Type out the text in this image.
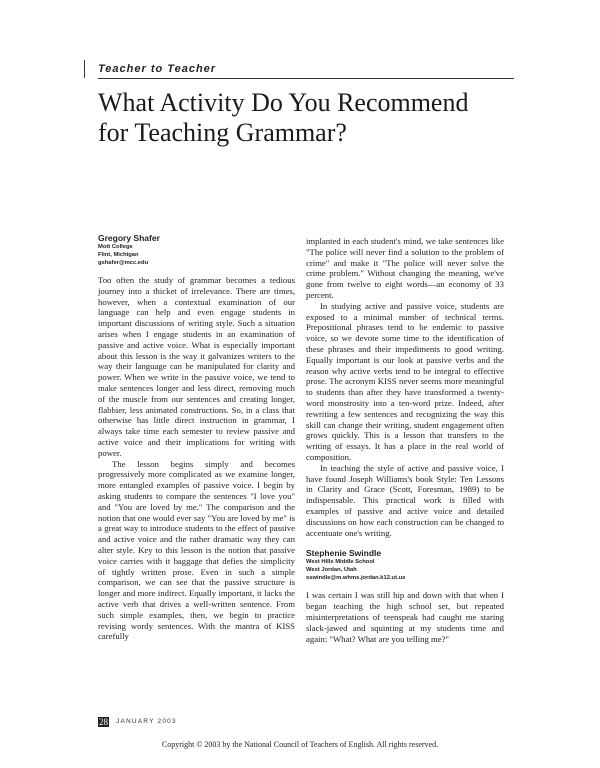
Teacher to Teacher
What Activity Do You Recommend
for Teaching Grammar?
Gregory Shafer
Mott College
Flint, Michigan
gshafer@mcc.edu

Too often the study of grammar becomes a tedious journey into a thicket of irrelevance. There are times, however, when a contextual examination of our language can help and even engage students in important discussions of writing style. Such a situation arises when I engage students in an examination of passive and active voice. What is especially important about this lesson is the way it galvanizes writers to the way their language can be manipulated for clarity and power. When we write in the passive voice, we tend to make sentences longer and less direct, removing much of the muscle from our sentences and creating longer, flabbier, less animated constructions. So, in a class that otherwise has little direct instruction in grammar, I always take time each semester to review passive and active voice and their implications for writing with power.

The lesson begins simply and becomes progressively more complicated as we examine longer, more entangled examples of passive voice. I begin by asking students to compare the sentences "I love you" and "You are loved by me." The comparison and the notion that one would ever say "You are loved by me" is a great way to introduce students to the effect of passive and active voice and the rather dramatic way they can alter style. Key to this lesson is the notion that passive voice carries with it baggage that defies the simplicity of tightly written prose. Even in such a simple comparison, we can see that the passive structure is longer and more indirect. Equally important, it lacks the active verb that drives a well-written sentence. From such simple examples, then, we begin to practice revising wordy sentences. With the mantra of KISS carefully

implanted in each student's mind, we take sentences like "The police will never find a solution to the problem of crime" and make it "The police will never solve the crime problem." Without changing the meaning, we've gone from twelve to eight words—an economy of 33 percent.

In studying active and passive voice, students are exposed to a minimal number of technical terms. Prepositional phrases tend to be endemic to passive voice, so we devote some time to the identification of these phrases and their impediments to good writing. Equally important is our look at passive verbs and the reason why active verbs tend to be integral to effective prose. The acronym KISS never seems more meaningful to students than after they have transformed a twenty-word monstrosity into a ten-word prize. Indeed, after rewriting a few sentences and recognizing the way this skill can change their writing, student engagement often grows quickly. This is a lesson that transfers to the writing of essays. It has a place in the real world of composition.

In teaching the style of active and passive voice, I have found Joseph Williams's book Style: Ten Lessons in Clarity and Grace (Scott, Foresman, 1989) to be indispensable. This practical work is filled with examples of passive and active voice and detailed discussions on how each construction can be changed to accentuate one's writing.

Stephenie Swindle
West Hills Middle School
West Jordan, Utah
sswindle@m.whms.jordan.k12.ut.us

I was certain I was still hip and down with that when I began teaching the high school set, but repeated misinterpretations of teenspeak had caught me staring slack-jawed and squinting at my students time and again: "What? What are you telling me?"

28 JANUARY 2003
Copyright © 2003 by the National Council of Teachers of English. All rights reserved.
